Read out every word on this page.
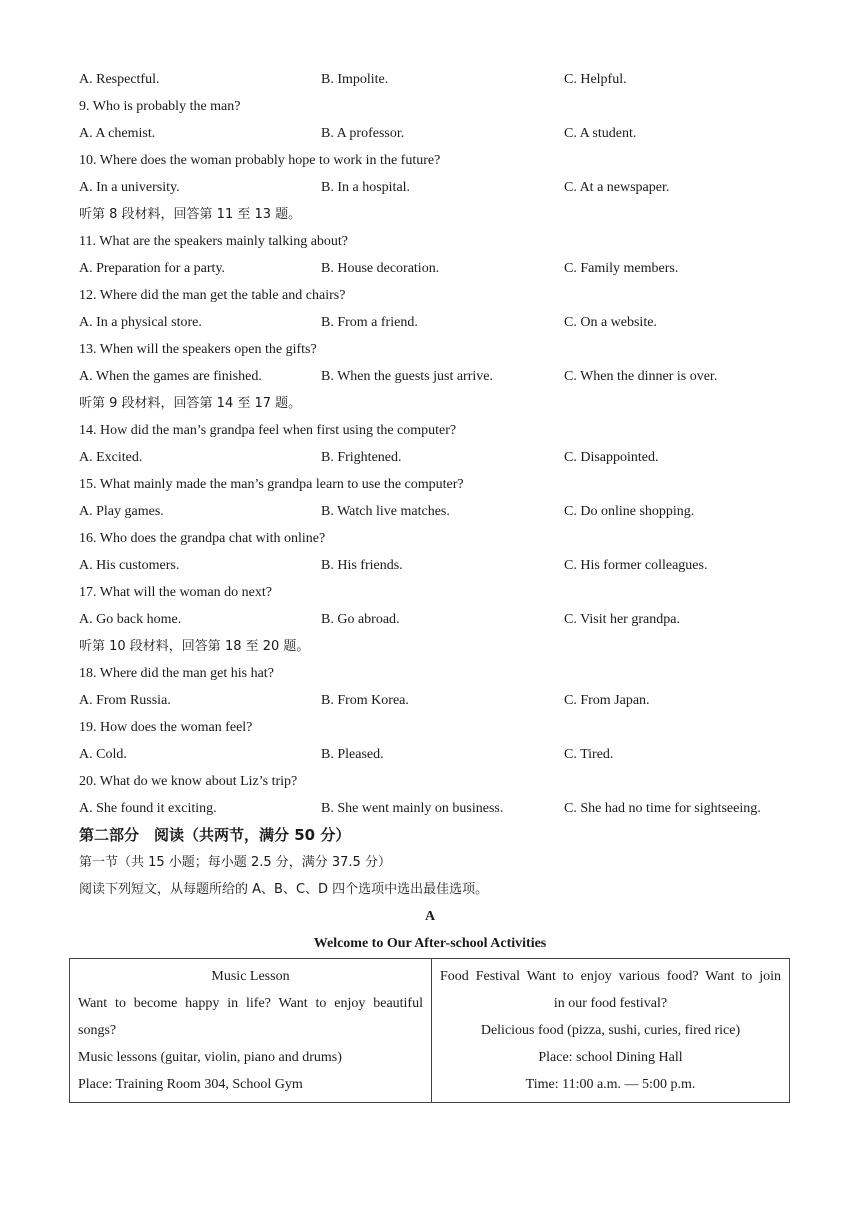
A. Respectful.	B. Impolite.	C. Helpful.
9. Who is probably the man?
A. A chemist.	B. A professor.	C. A student.
10. Where does the woman probably hope to work in the future?
A. In a university.	B. In a hospital.	C. At a newspaper.
听第 8 段材料，回答第 11 至 13 题。
11. What are the speakers mainly talking about?
A. Preparation for a party.	B. House decoration.	C. Family members.
12. Where did the man get the table and chairs?
A. In a physical store.	B. From a friend.	C. On a website.
13. When will the speakers open the gifts?
A. When the games are finished.	B. When the guests just arrive.	C. When the dinner is over.
听第 9 段材料，回答第 14 至 17 题。
14. How did the man’s grandpa feel when first using the computer?
A. Excited.	B. Frightened.	C. Disappointed.
15. What mainly made the man’s grandpa learn to use the computer?
A. Play games.	B. Watch live matches.	C. Do online shopping.
16. Who does the grandpa chat with online?
A. His customers.	B. His friends.	C. His former colleagues.
17. What will the woman do next?
A. Go back home.	B. Go abroad.	C. Visit her grandpa.
听第 10 段材料，回答第 18 至 20 题。
18. Where did the man get his hat?
A. From Russia.	B. From Korea.	C. From Japan.
19. How does the woman feel?
A. Cold.	B. Pleased.	C. Tired.
20. What do we know about Liz’s trip?
A. She found it exciting.	B. She went mainly on business.	C. She had no time for sightseeing.
第二部分　阅读（共两节，满分 50 分）
第一节（共 15 小题；每小题 2.5 分，满分 37.5 分）
阅读下列短文，从每题所给的 A、B、C、D 四个选项中选出最佳选项。
A
Welcome to Our After-school Activities
Music Lesson
Want to become happy in life? Want to enjoy beautiful
songs?
Music lessons (guitar, violin, piano and drums)
Place: Training Room 304, School Gym

Food Festival Want to enjoy various food? Want to join
in our food festival?
Delicious food (pizza, sushi, curies, fired rice)
Place: school Dining Hall
Time: 11:00 a.m. — 5:00 p.m.
